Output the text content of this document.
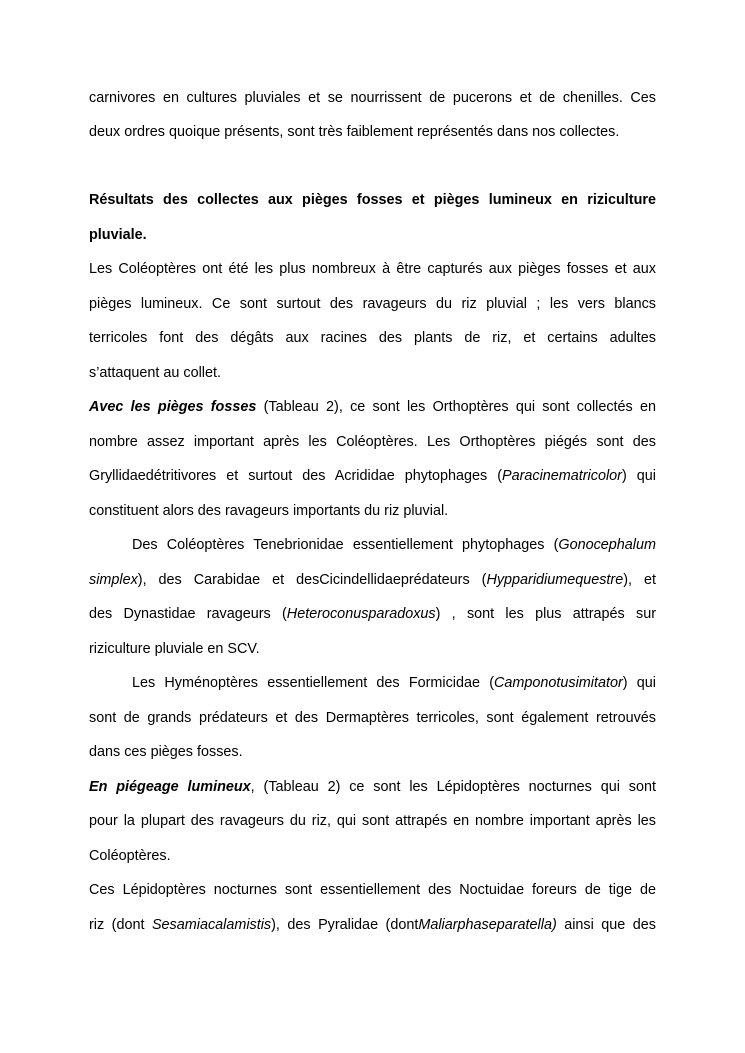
carnivores en cultures pluviales et se nourrissent de pucerons et de chenilles. Ces
deux ordres quoique présents, sont très faiblement représentés dans nos collectes.
Résultats des collectes aux pièges fosses et pièges lumineux en riziculture
pluviale.
Les Coléoptères ont été les plus nombreux à être capturés aux pièges fosses et aux
pièges lumineux. Ce sont surtout des ravageurs du riz pluvial ; les vers blancs
terricoles font des dégâts aux racines des plants de riz, et certains adultes
s’attaquent au collet.
Avec les pièges fosses (Tableau 2), ce sont les Orthoptères qui sont collectés en
nombre assez important après les Coléoptères. Les Orthoptères piégés sont des
Gryllidaedétritivores et surtout des Acrididae phytophages (Paracinematricolor) qui
constituent alors des ravageurs importants du riz pluvial.
Des Coléoptères Tenebrionidae essentiellement phytophages (Gonocephalum
simplex), des Carabidae et desCicindellidaeprédateurs (Hypparidiumequestre), et
des Dynastidae ravageurs (Heteroconusparadoxus) , sont les plus attrapés sur
riziculture pluviale en SCV.
Les Hyménoptères essentiellement des Formicidae (Camponotusimitator) qui
sont de grands prédateurs et des Dermaptères terricoles, sont également retrouvés
dans ces pièges fosses.
En piégeage lumineux, (Tableau 2) ce sont les Lépidoptères nocturnes qui sont
pour la plupart des ravageurs du riz, qui sont attrapés en nombre important après les
Coléoptères.
Ces Lépidoptères nocturnes sont essentiellement des Noctuidae foreurs de tige de
riz (dont Sesamiacalamistis), des Pyralidae (dontMaliarphaseparatella) ainsi que des
